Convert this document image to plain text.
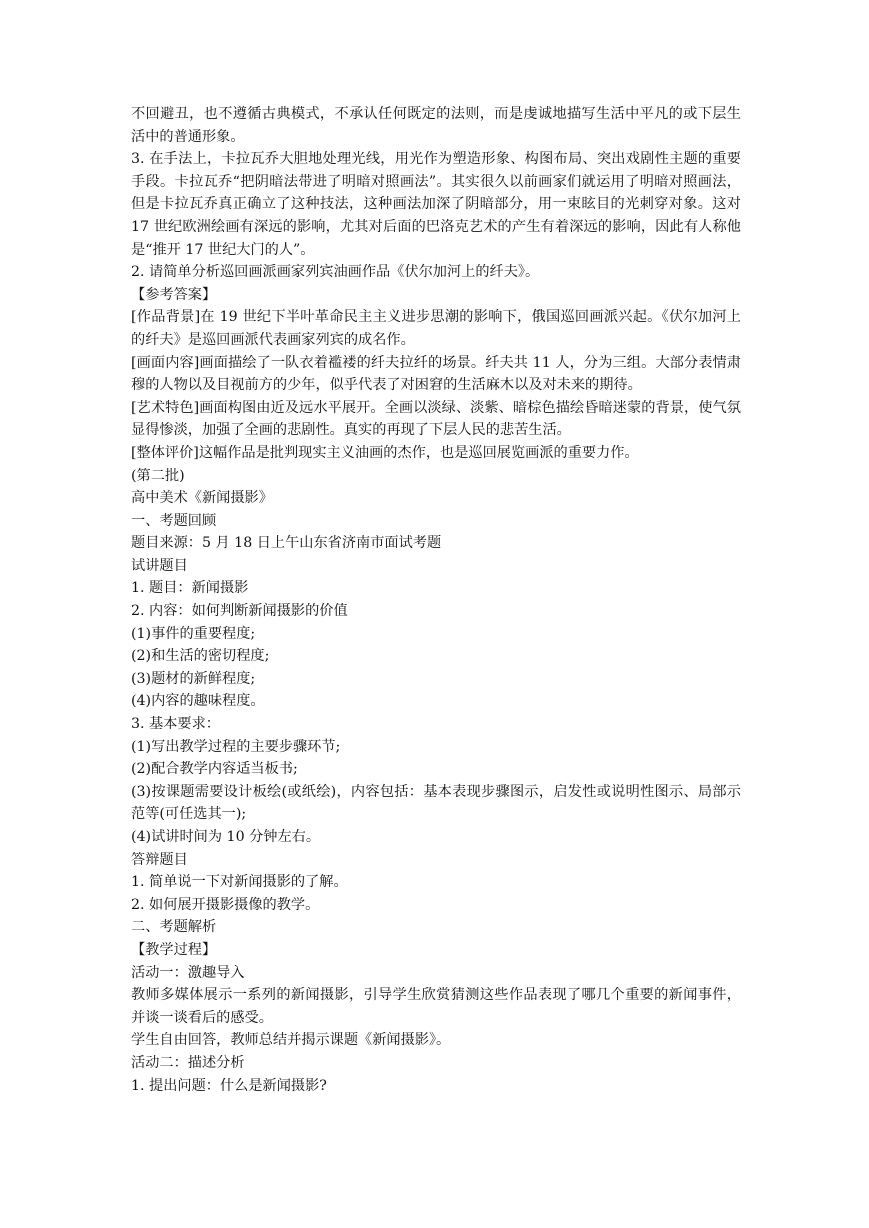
不回避丑，也不遵循古典模式，不承认任何既定的法则，而是虔诚地描写生活中平凡的或下层生活中的普通形象。

3. 在手法上，卡拉瓦乔大胆地处理光线，用光作为塑造形象、构图布局、突出戏剧性主题的重要手段。卡拉瓦乔“把阴暗法带进了明暗对照画法”。其实很久以前画家们就运用了明暗对照画法，但是卡拉瓦乔真正确立了这种技法，这种画法加深了阴暗部分，用一束眩目的光刺穿对象。这对 17 世纪欧洲绘画有深远的影响，尤其对后面的巴洛克艺术的产生有着深远的影响，因此有人称他是“推开 17 世纪大门的人”。

2. 请简单分析巡回画派画家列宾油画作品《伏尔加河上的纤夫》。

【参考答案】

[作品背景]在 19 世纪下半叶革命民主主义进步思潮的影响下，俄国巡回画派兴起。《伏尔加河上的纤夫》是巡回画派代表画家列宾的成名作。

[画面内容]画面描绘了一队衣着褴褛的纤夫拉纤的场景。纤夫共 11 人，分为三组。大部分表情肃穆的人物以及目视前方的少年，似乎代表了对困窘的生活麻木以及对未来的期待。

[艺术特色]画面构图由近及远水平展开。全画以淡绿、淡紫、暗棕色描绘昏暗迷蒙的背景，使气氛显得惨淡，加强了全画的悲剧性。真实的再现了下层人民的悲苦生活。

[整体评价]这幅作品是批判现实主义油画的杰作，也是巡回展览画派的重要力作。

(第二批)

高中美术《新闻摄影》

一、考题回顾

题目来源：5 月 18 日上午山东省济南市面试考题

试讲题目

1. 题目：新闻摄影

2. 内容：如何判断新闻摄影的价值

(1)事件的重要程度;

(2)和生活的密切程度;

(3)题材的新鲜程度;

(4)内容的趣味程度。

3. 基本要求：

(1)写出教学过程的主要步骤环节;

(2)配合教学内容适当板书;

(3)按课题需要设计板绘(或纸绘)，内容包括：基本表现步骤图示，启发性或说明性图示、局部示范等(可任选其一);

(4)试讲时间为 10 分钟左右。

答辩题目

1. 简单说一下对新闻摄影的了解。

2. 如何展开摄影摄像的教学。

二、考题解析

【教学过程】

活动一：激趣导入

教师多媒体展示一系列的新闻摄影，引导学生欣赏猜测这些作品表现了哪几个重要的新闻事件，并谈一谈看后的感受。

学生自由回答，教师总结并揭示课题《新闻摄影》。

活动二：描述分析

1. 提出问题：什么是新闻摄影?
